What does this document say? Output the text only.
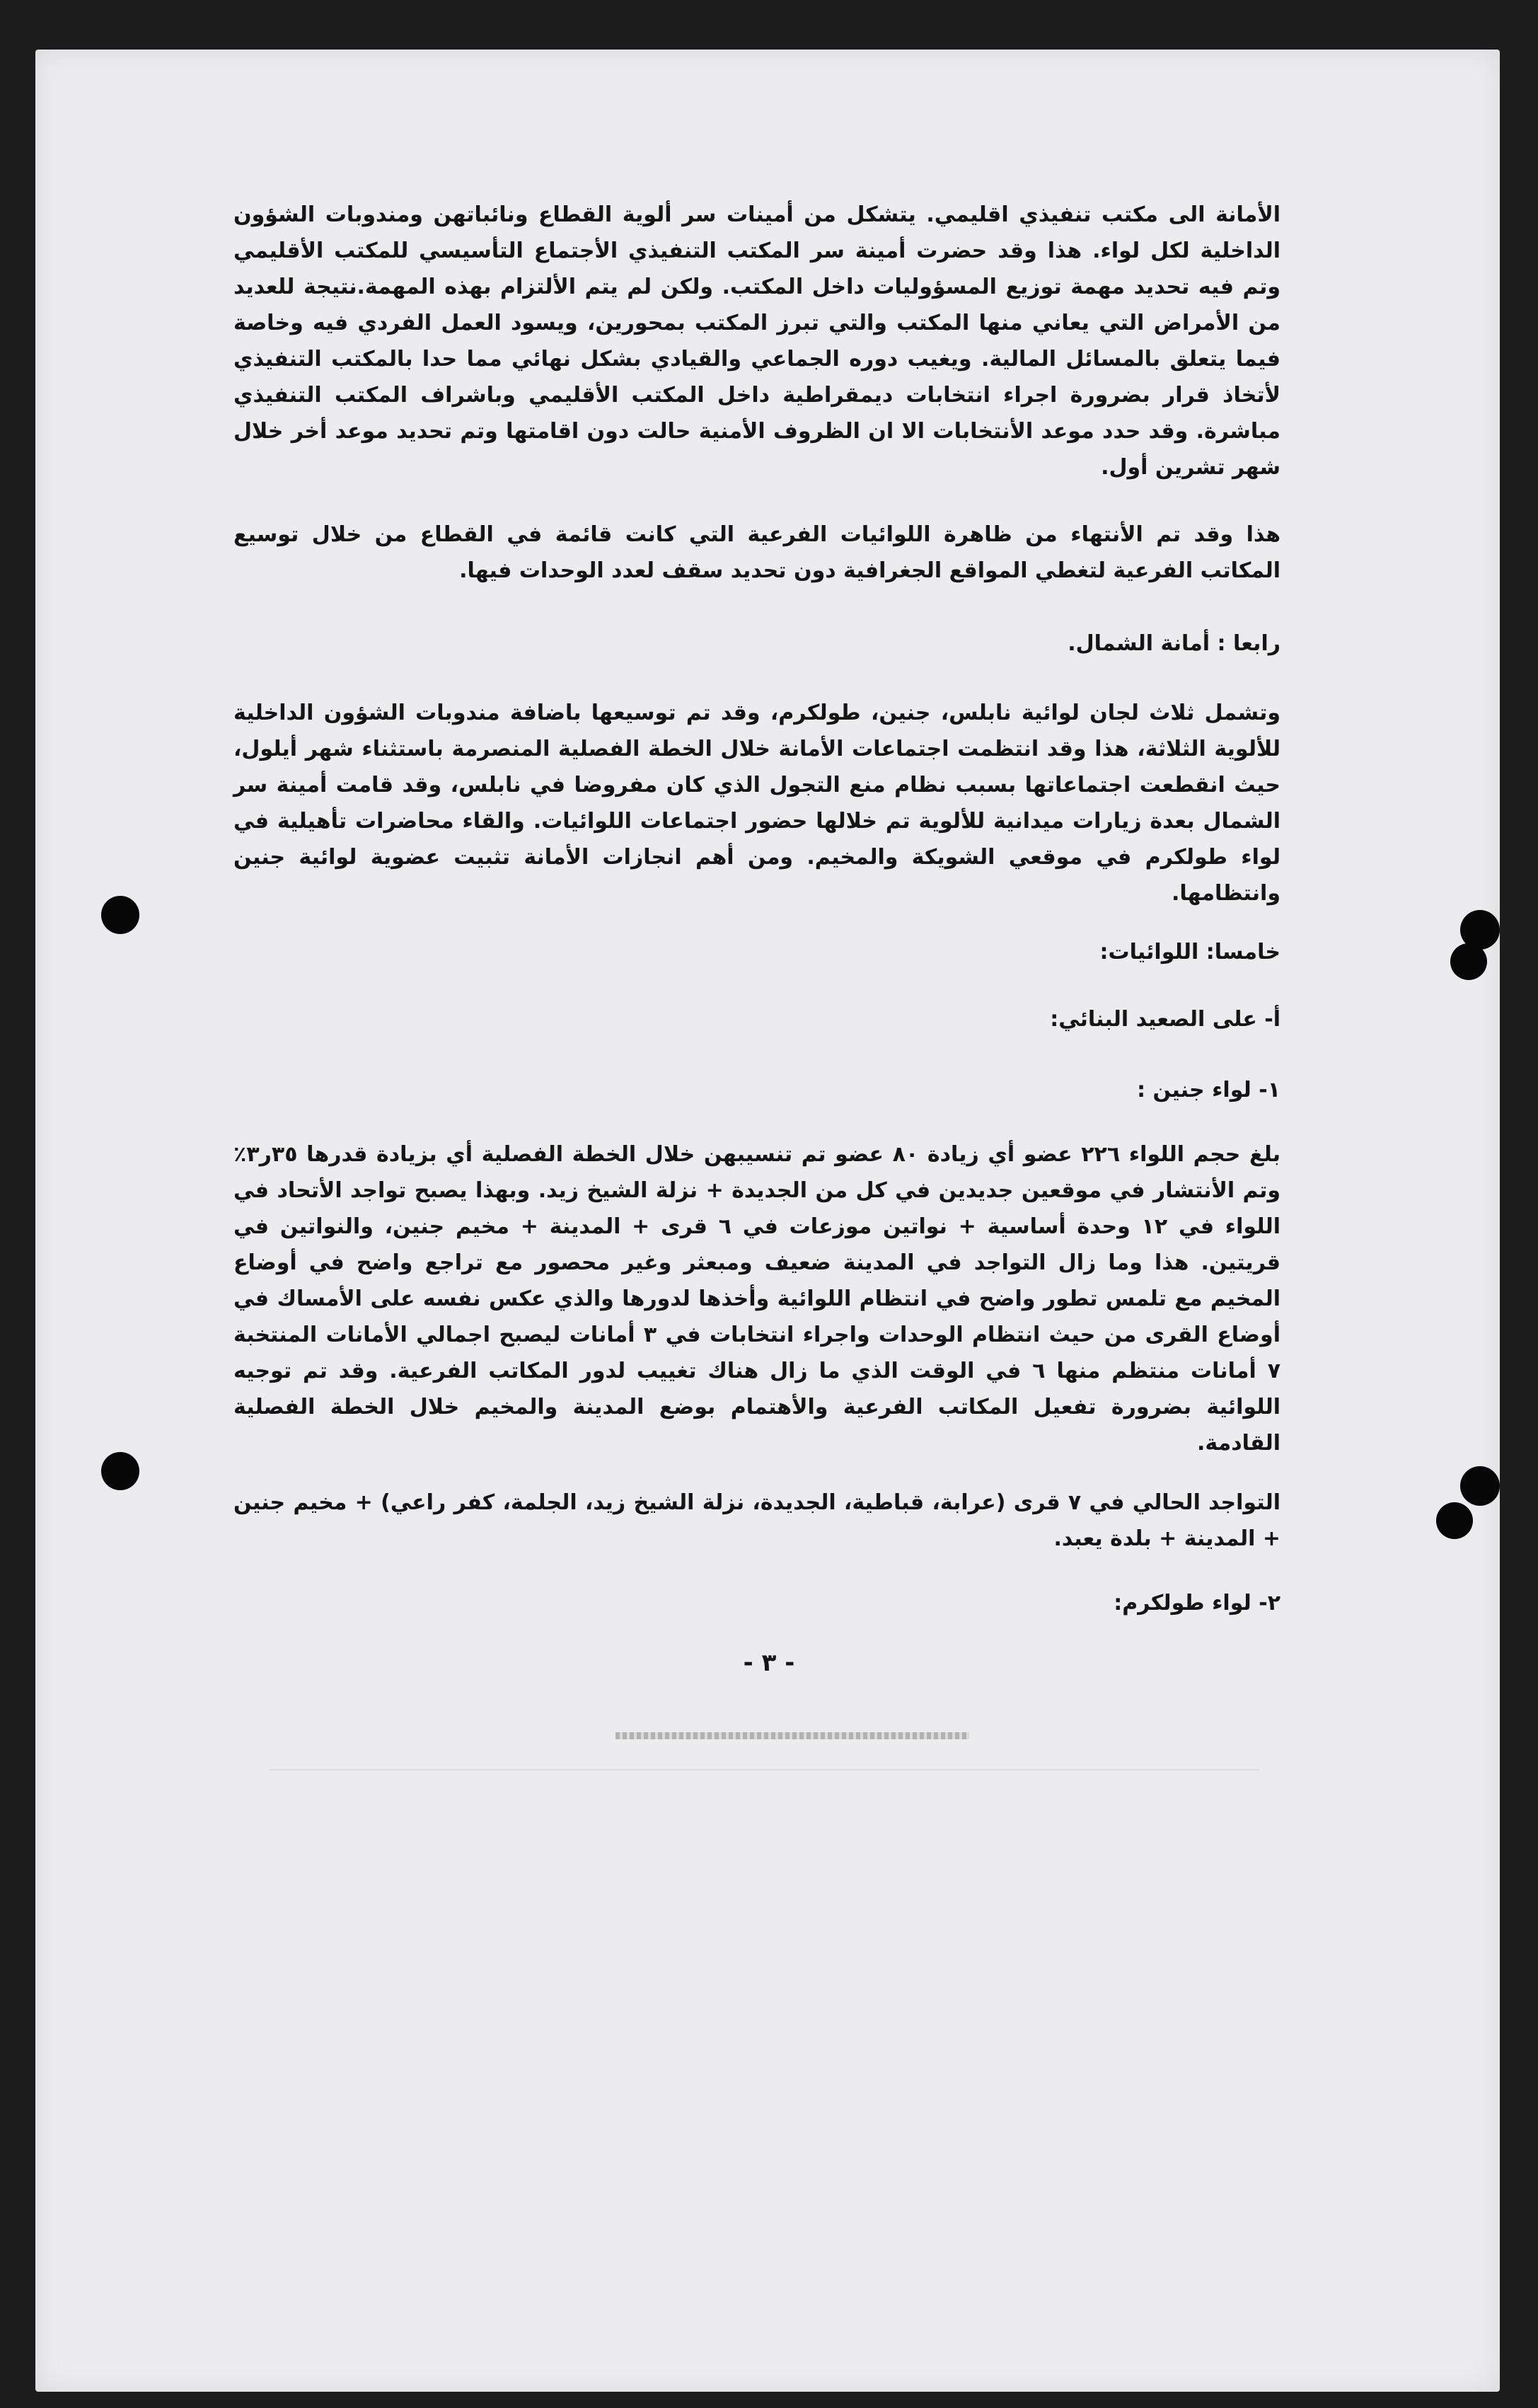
الأمانة الى مكتب تنفيذي اقليمي. يتشكل من أمينات سر ألوية القطاع ونائباتهن ومندوبات الشؤون الداخلية لكل لواء. هذا وقد حضرت أمينة سر المكتب التنفيذي الأجتماع التأسيسي للمكتب الأقليمي وتم فيه تحديد مهمة توزيع المسؤوليات داخل المكتب. ولكن لم يتم الألتزام بهذه المهمة.نتيجة للعديد من الأمراض التي يعاني منها المكتب والتي تبرز المكتب بمحورين، ويسود العمل الفردي فيه وخاصة فيما يتعلق بالمسائل المالية. ويغيب دوره الجماعي والقيادي بشكل نهائي مما حدا بالمكتب التنفيذي لأتخاذ قرار بضرورة اجراء انتخابات ديمقراطية داخل المكتب الأقليمي وباشراف المكتب التنفيذي مباشرة. وقد حدد موعد الأنتخابات الا ان الظروف الأمنية حالت دون اقامتها وتم تحديد موعد أخر خلال شهر تشرين أول.

هذا وقد تم الأنتهاء من ظاهرة اللوائيات الفرعية التي كانت قائمة في القطاع من خلال توسيع المكاتب الفرعية لتغطي المواقع الجغرافية دون تحديد سقف لعدد الوحدات فيها.

رابعا : أمانة الشمال.

وتشمل ثلاث لجان لوائية نابلس، جنين، طولكرم، وقد تم توسيعها باضافة مندوبات الشؤون الداخلية للألوية الثلاثة، هذا وقد انتظمت اجتماعات الأمانة خلال الخطة الفصلية المنصرمة باستثناء شهر أيلول، حيث انقطعت اجتماعاتها بسبب نظام منع التجول الذي كان مفروضا في نابلس، وقد قامت أمينة سر الشمال بعدة زيارات ميدانية للألوية تم خلالها حضور اجتماعات اللوائيات. والقاء محاضرات تأهيلية في لواء طولكرم في موقعي الشويكة والمخيم. ومن أهم انجازات الأمانة تثبيت عضوية لوائية جنين وانتظامها.

خامسا: اللوائيات:
أ- على الصعيد البنائي:
١- لواء جنين :

بلغ حجم اللواء ٢٢٦ عضو أي زيادة ٨٠ عضو تم تنسيبهن خلال الخطة الفصلية أي بزيادة قدرها ٣٥ر٣٪ وتم الأنتشار في موقعين جديدين في كل من الجديدة + نزلة الشيخ زيد. وبهذا يصبح تواجد الأتحاد في اللواء في ١٢ وحدة أساسية + نواتين موزعات في ٦ قرى + المدينة + مخيم جنين، والنواتين في قريتين. هذا وما زال التواجد في المدينة ضعيف ومبعثر وغير محصور مع تراجع واضح في أوضاع المخيم مع تلمس تطور واضح في انتظام اللوائية وأخذها لدورها والذي عكس نفسه على الأمساك في أوضاع القرى من حيث انتظام الوحدات واجراء انتخابات في ٣ أمانات ليصبح اجمالي الأمانات المنتخبة ٧ أمانات منتظم منها ٦ في الوقت الذي ما زال هناك تغييب لدور المكاتب الفرعية. وقد تم توجيه اللوائية بضرورة تفعيل المكاتب الفرعية والأهتمام بوضع المدينة والمخيم خلال الخطة الفصلية القادمة.

التواجد الحالي في ٧ قرى (عرابة، قباطية، الجديدة، نزلة الشيخ زيد، الجلمة، كفر راعي) + مخيم جنين + المدينة + بلدة يعبد.

٢- لواء طولكرم:
- ٣ -
